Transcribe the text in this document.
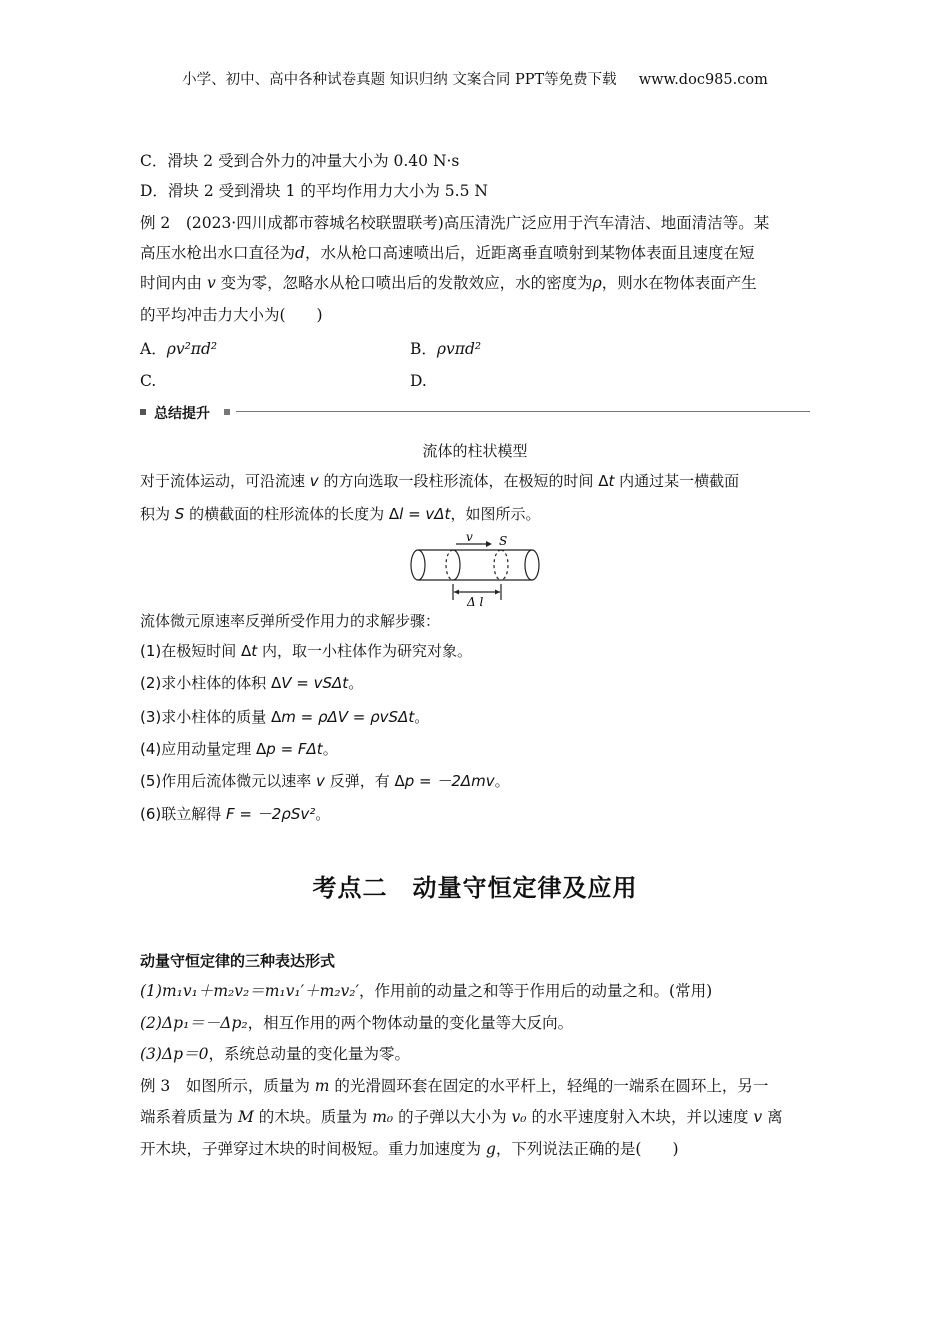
小学、初中、高中各种试卷真题 知识归纳 文案合同 PPT等免费下载 www.doc985.com
C．滑块 2 受到合外力的冲量大小为 0.40 N·s
D．滑块 2 受到滑块 1 的平均作用力大小为 5.5 N
例 2　 (2023·四川成都市蓉城名校联盟联考)高压清洗广泛应用于汽车清洁、地面清洁等。某
高压水枪出水口直径为d，水从枪口高速喷出后，近距离垂直喷射到某物体表面且速度在短
时间内由 v 变为零，忽略水从枪口喷出后的发散效应，水的密度为ρ，则水在物体表面产生
的平均冲击力大小为(　　)
A．ρv²πd²	B．ρvπd²
C.	D.
总结提升
流体的柱状模型
对于流体运动，可沿流速 v 的方向选取一段柱形流体，在极短的时间 Δt 内通过某一横截面
积为 S 的横截面的柱形流体的长度为 Δl = vΔt，如图所示。
v S
Δ l
流体微元原速率反弹所受作用力的求解步骤：
(1)在极短时间 Δt 内，取一小柱体作为研究对象。
(2)求小柱体的体积 ΔV = vSΔt。
(3)求小柱体的质量 Δm = ρΔV = ρvSΔt。
(4)应用动量定理 Δp = FΔt。
(5)作用后流体微元以速率 v 反弹，有 Δp = －2Δmv。
(6)联立解得 F = －2ρSv²。
考点二　动量守恒定律及应用
动量守恒定律的三种表达形式
(1)m₁v₁＋m₂v₂＝m₁v₁′＋m₂v₂′，作用前的动量之和等于作用后的动量之和。(常用)
(2)Δp₁＝－Δp₂，相互作用的两个物体动量的变化量等大反向。
(3)Δp＝0，系统总动量的变化量为零。
例 3　 如图所示，质量为 m 的光滑圆环套在固定的水平杆上，轻绳的一端系在圆环上，另一
端系着质量为 M 的木块。质量为 m₀ 的子弹以大小为 v₀ 的水平速度射入木块，并以速度 v 离
开木块，子弹穿过木块的时间极短。重力加速度为 g，下列说法正确的是(　　)
